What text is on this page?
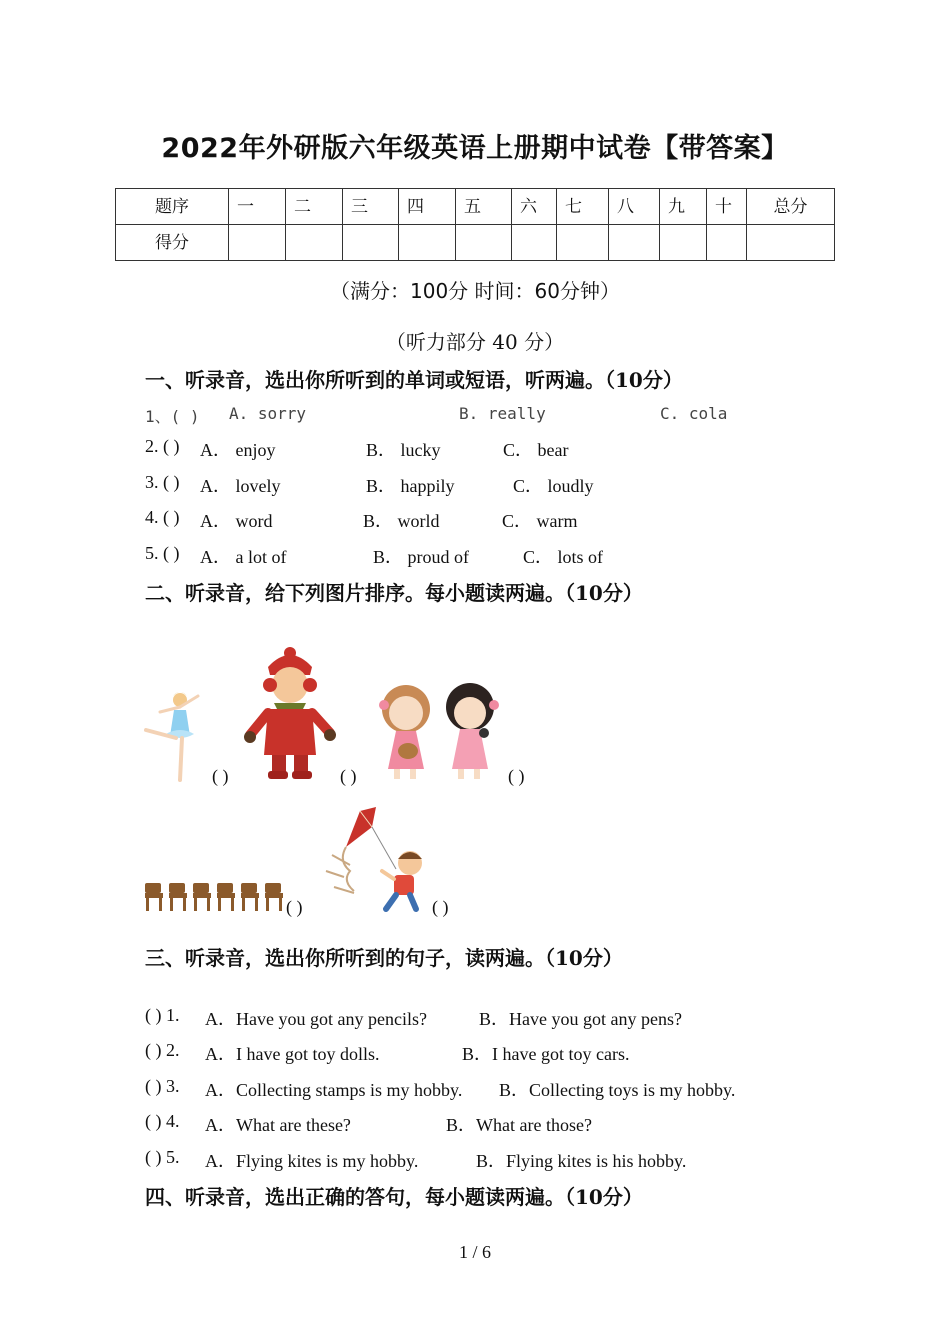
2022年外研版六年级英语上册期中试卷【带答案】
题序	一	二	三	四	五	六	七	八	九	十	总分
得分											
（满分：100分 时间：60分钟）
（听力部分 40 分）
一、听录音，选出你所听到的单词或短语，听两遍。（10分）
1、( ) A. sorry	B. really	C. cola
2. ( ) A． enjoy	B． lucky	C． bear
3. ( ) A． lovely	B． happily	C． loudly
4. ( ) A． word	B． world	C． warm
5. ( ) A． a lot of	B． proud of	C． lots of
二、听录音，给下列图片排序。每小题读两遍。（10分）
( )	( )	( )
( )	( )
三、听录音，选出你所听到的句子，读两遍。（10分）
( ) 1. A．Have you got any pencils?	B．Have you got any pens?
( ) 2. A．I have got toy dolls.	B．I have got toy cars.
( ) 3. A．Collecting stamps is my hobby. B．Collecting toys is my hobby.
( ) 4. A．What are these?	B．What are those?
( ) 5. A．Flying kites is my hobby.	B．Flying kites is his hobby.
四、听录音，选出正确的答句，每小题读两遍。（10分）
1 / 6
